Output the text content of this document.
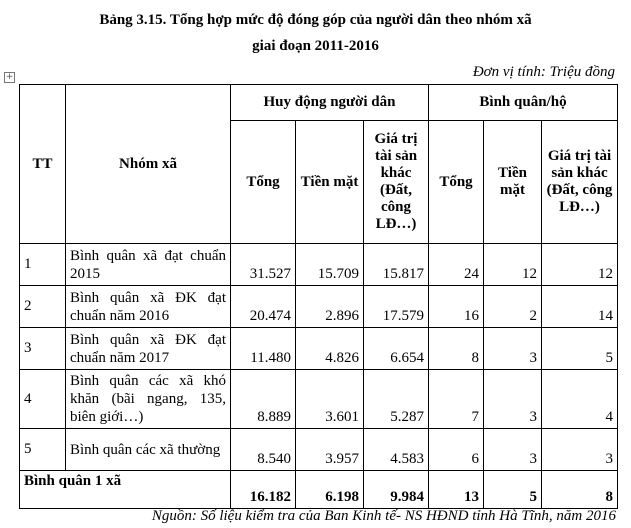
Bảng 3.15. Tổng hợp mức độ đóng góp của người dân theo nhóm xã
giai đoạn 2011-2016
Đơn vị tính: Triệu đồng
+
TT	Nhóm xã	Huy động người dân			Bình quân/hộ		
		Tổng	Tiền mặt	Giá trị tài sản khác (Đất, công LĐ…)	Tổng	Tiền mặt	Giá trị tài sản khác (Đất, công LĐ…)
1	Bình quân xã đạt chuẩn 2015	31.527	15.709	15.817	24	12	12
2	Bình quân xã ĐK đạt chuẩn năm 2016	20.474	2.896	17.579	16	2	14
3	Bình quân xã ĐK đạt chuẩn năm 2017	11.480	4.826	6.654	8	3	5
4	Bình quân các xã khó khăn (bãi ngang, 135, biên giới…)	8.889	3.601	5.287	7	3	4
5	Bình quân các xã thường	8.540	3.957	4.583	6	3	3
Bình quân 1 xã		16.182	6.198	9.984	13	5	8
Nguồn: Số liệu kiểm tra của Ban Kinh tế- NS HĐND tỉnh Hà Tĩnh, năm 2016
